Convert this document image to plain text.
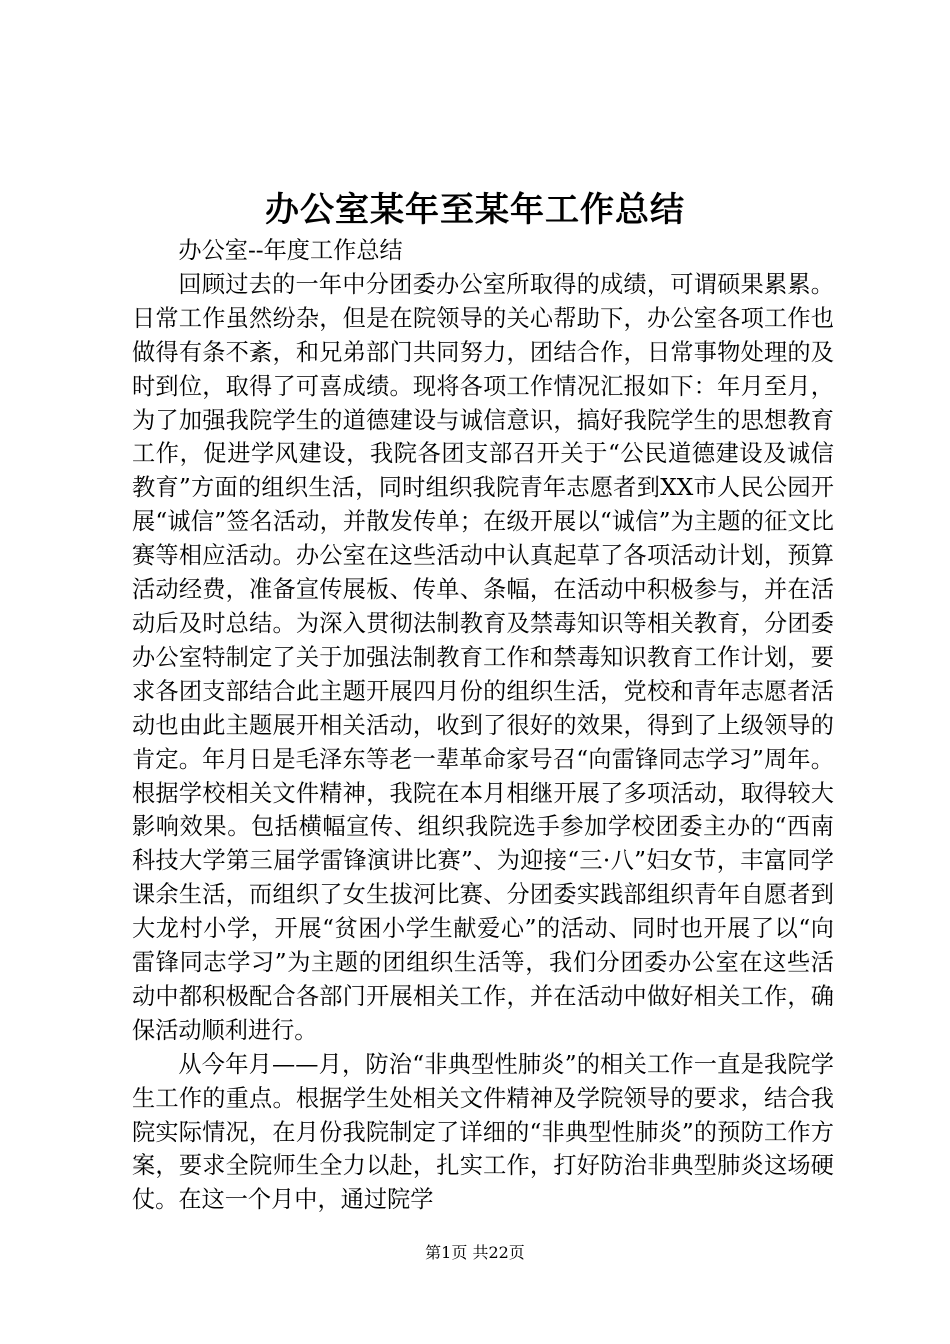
办公室某年至某年工作总结

办公室--年度工作总结

回顾过去的一年中分团委办公室所取得的成绩，可谓硕果累累。日常工作虽然纷杂，但是在院领导的关心帮助下，办公室各项工作也做得有条不紊，和兄弟部门共同努力，团结合作，日常事物处理的及时到位，取得了可喜成绩。现将各项工作情况汇报如下：年月至月，为了加强我院学生的道德建设与诚信意识，搞好我院学生的思想教育工作，促进学风建设，我院各团支部召开关于“公民道德建设及诚信教育”方面的组织生活，同时组织我院青年志愿者到XX市人民公园开展“诚信”签名活动，并散发传单；在级开展以“诚信”为主题的征文比赛等相应活动。办公室在这些活动中认真起草了各项活动计划，预算活动经费，准备宣传展板、传单、条幅，在活动中积极参与，并在活动后及时总结。为深入贯彻法制教育及禁毒知识等相关教育，分团委办公室特制定了关于加强法制教育工作和禁毒知识教育工作计划，要求各团支部结合此主题开展四月份的组织生活，党校和青年志愿者活动也由此主题展开相关活动，收到了很好的效果，得到了上级领导的肯定。年月日是毛泽东等老一辈革命家号召“向雷锋同志学习”周年。根据学校相关文件精神，我院在本月相继开展了多项活动，取得较大影响效果。包括横幅宣传、组织我院选手参加学校团委主办的“西南科技大学第三届学雷锋演讲比赛”、为迎接“三·八”妇女节，丰富同学课余生活，而组织了女生拔河比赛、分团委实践部组织青年自愿者到大龙村小学，开展“贫困小学生献爱心”的活动、同时也开展了以“向雷锋同志学习”为主题的团组织生活等，我们分团委办公室在这些活动中都积极配合各部门开展相关工作，并在活动中做好相关工作，确保活动顺利进行。

从今年月——月，防治“非典型性肺炎”的相关工作一直是我院学生工作的重点。根据学生处相关文件精神及学院领导的要求，结合我院实际情况，在月份我院制定了详细的“非典型性肺炎”的预防工作方案，要求全院师生全力以赴，扎实工作，打好防治非典型肺炎这场硬仗。在这一个月中，通过院学

第1页 共22页
